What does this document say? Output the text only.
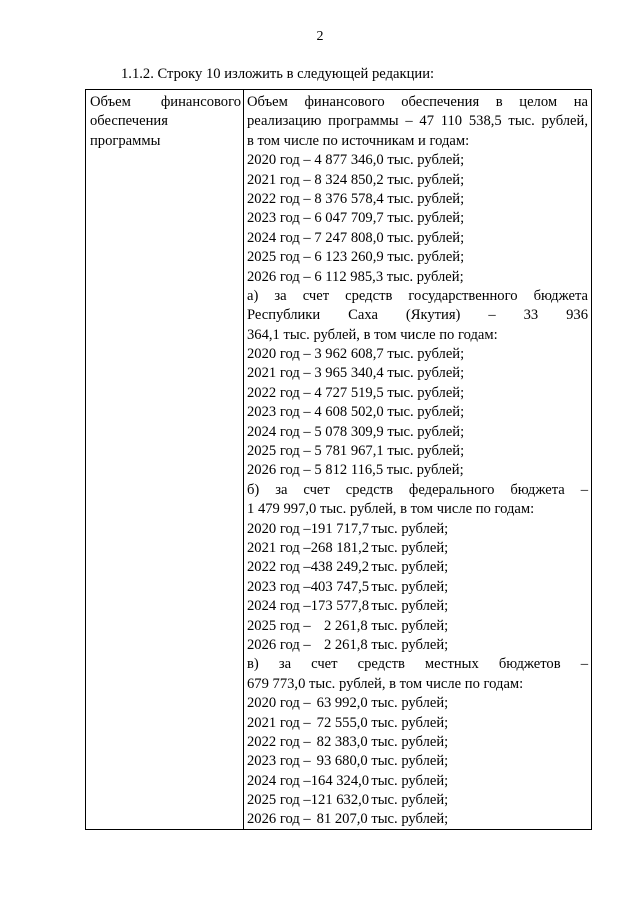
2
1.1.2. Строку 10 изложить в следующей редакции:
Объем финансового
обеспечения
программы
Объем финансового обеспечения в целом на
реализацию программы – 47 110 538,5 тыс. рублей,
в том числе по источникам и годам:
2020 год – 4 877 346,0 тыс. рублей;
2021 год – 8 324 850,2 тыс. рублей;
2022 год – 8 376 578,4 тыс. рублей;
2023 год – 6 047 709,7 тыс. рублей;
2024 год – 7 247 808,0 тыс. рублей;
2025 год – 6 123 260,9 тыс. рублей;
2026 год – 6 112 985,3 тыс. рублей;
а) за счет средств государственного бюджета
Республики Саха (Якутия) – 33 936
364,1 тыс. рублей, в том числе по годам:
2020 год – 3 962 608,7 тыс. рублей;
2021 год – 3 965 340,4 тыс. рублей;
2022 год – 4 727 519,5 тыс. рублей;
2023 год – 4 608 502,0 тыс. рублей;
2024 год – 5 078 309,9 тыс. рублей;
2025 год – 5 781 967,1 тыс. рублей;
2026 год – 5 812 116,5 тыс. рублей;
б) за счет средств федерального бюджета –
1 479 997,0 тыс. рублей, в том числе по годам:
2020 год –191 717,7 тыс. рублей;
2021 год –268 181,2 тыс. рублей;
2022 год –438 249,2 тыс. рублей;
2023 год –403 747,5 тыс. рублей;
2024 год –173 577,8 тыс. рублей;
2025 год – 2 261,8 тыс. рублей;
2026 год – 2 261,8 тыс. рублей;
в) за счет средств местных бюджетов –
679 773,0 тыс. рублей, в том числе по годам:
2020 год – 63 992,0 тыс. рублей;
2021 год – 72 555,0 тыс. рублей;
2022 год – 82 383,0 тыс. рублей;
2023 год – 93 680,0 тыс. рублей;
2024 год –164 324,0 тыс. рублей;
2025 год –121 632,0 тыс. рублей;
2026 год – 81 207,0 тыс. рублей;
